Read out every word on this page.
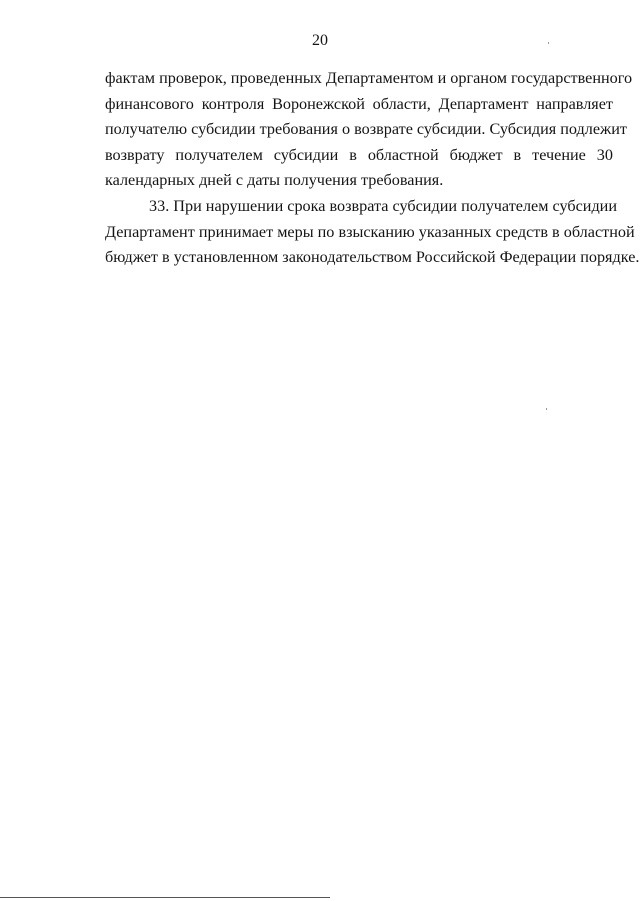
20

фактам проверок, проведенных Департаментом и органом государственного
финансового контроля Воронежской области, Департамент направляет
получателю субсидии требования о возврате субсидии. Субсидия подлежит
возврату получателем субсидии в областной бюджет в течение 30
календарных дней с даты получения требования.

33. При нарушении срока возврата субсидии получателем субсидии
Департамент принимает меры по взысканию указанных средств в областной
бюджет в установленном законодательством Российской Федерации порядке.
